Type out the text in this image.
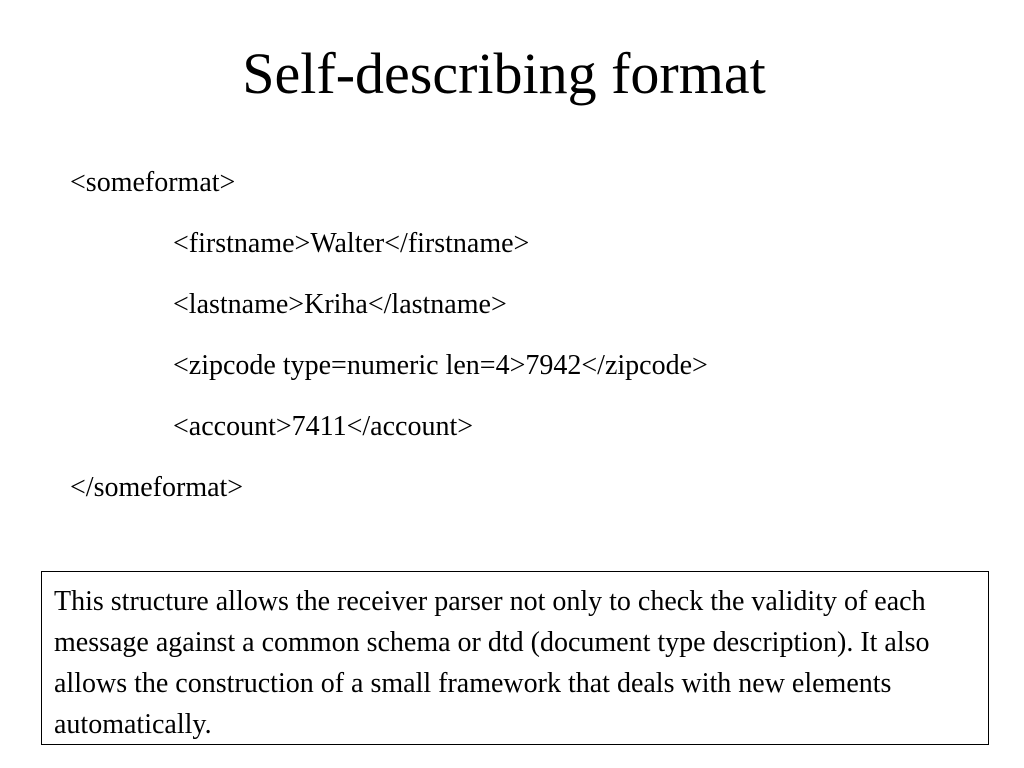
Self-describing format
<someformat>
<firstname>Walter</firstname>
<lastname>Kriha</lastname>
<zipcode type=numeric len=4>7942</zipcode>
<account>7411</account>
</someformat>

This structure allows the receiver parser not only to check the validity of each message against a common schema or dtd (document type description). It also allows the construction of a small framework that deals with new elements automatically.
